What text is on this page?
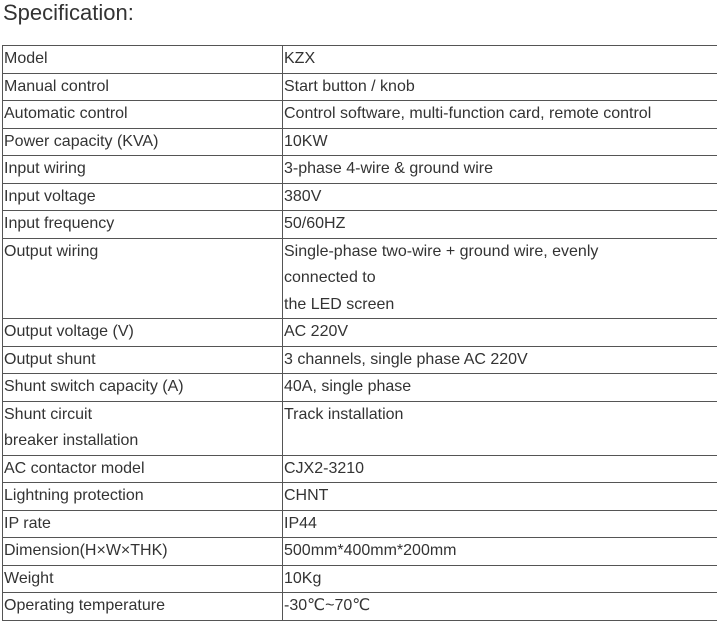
Specification:
Model	KZX

Manual control	Start button / knob

Automatic control	Control software, multi-function card, remote control

Power capacity (KVA)	10KW

Input wiring	3-phase 4-wire & ground wire

Input voltage	380V

Input frequency	50/60HZ

Output wiring	Single-phase two-wire + ground wire, evenly
connected to
the LED screen

Output voltage (V)	AC 220V

Output shunt	3 channels, single phase AC 220V

Shunt switch capacity (A)	40A, single phase

Shunt circuit
breaker installation	Track installation

AC contactor model	CJX2-3210

Lightning protection	CHNT

IP rate	IP44

Dimension(H×W×THK)	500mm*400mm*200mm

Weight	10Kg

Operating temperature	-30℃~70℃
